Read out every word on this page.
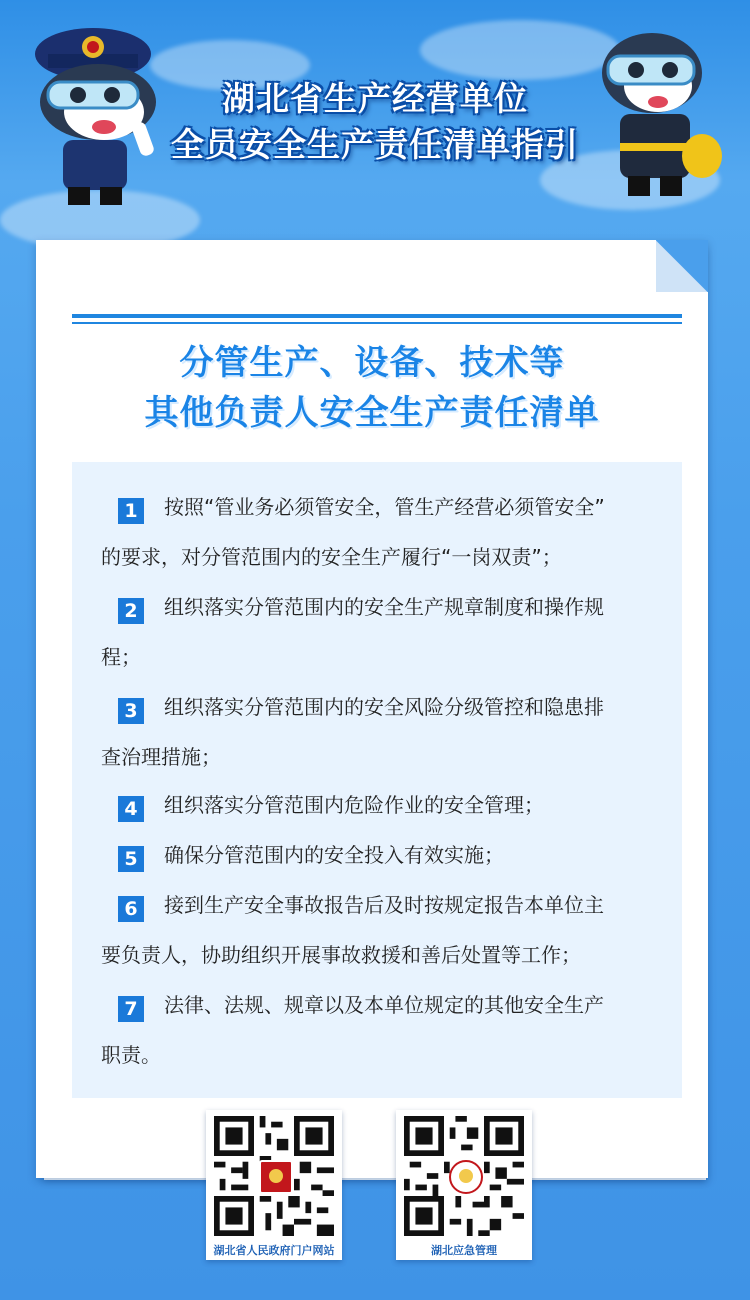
湖北省生产经营单位
全员安全生产责任清单指引
分管生产、设备、技术等
其他负责人安全生产责任清单
1 按照“管业务必须管安全，管生产经营必须管安全”
的要求，对分管范围内的安全生产履行“一岗双责”；
2 组织落实分管范围内的安全生产规章制度和操作规
程；
3 组织落实分管范围内的安全风险分级管控和隐患排
查治理措施；
4 组织落实分管范围内危险作业的安全管理；
5 确保分管范围内的安全投入有效实施；
6 接到生产安全事故报告后及时按规定报告本单位主
要负责人，协助组织开展事故救援和善后处置等工作；
7 法律、法规、规章以及本单位规定的其他安全生产
职责。
湖北省人民政府门户网站	湖北应急管理
